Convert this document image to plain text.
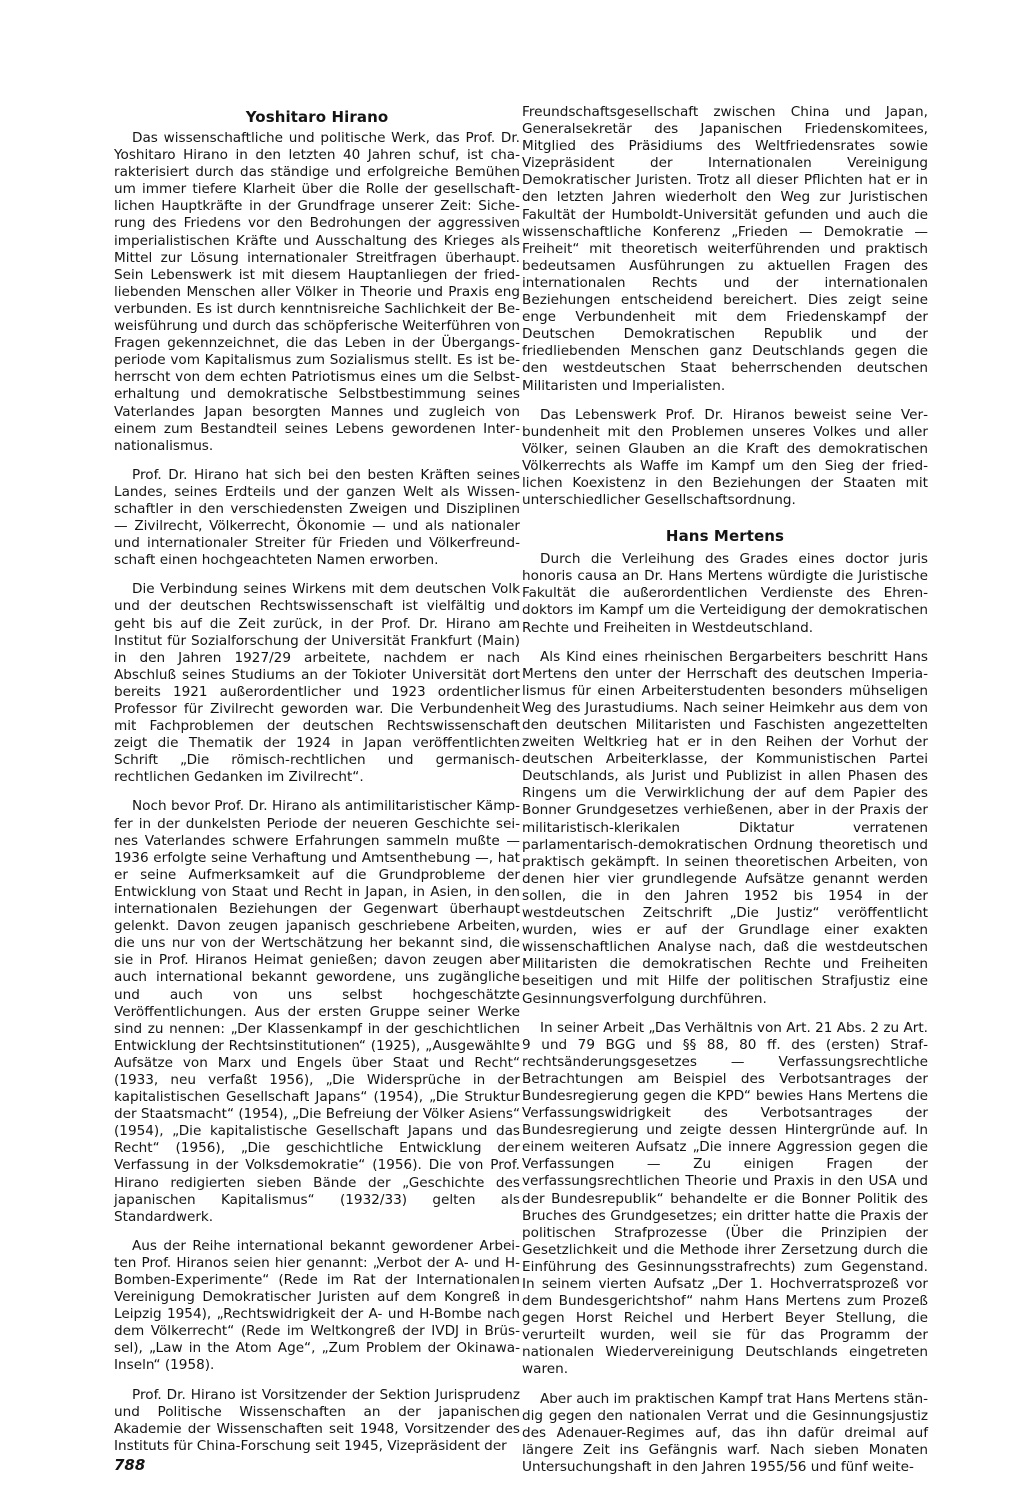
Yoshitaro Hirano

Das wissenschaftliche und politische Werk, das Prof. Dr. Yoshitaro Hirano in den letzten 40 Jahren schuf, ist charakterisiert durch das ständige und erfolgreiche Bemühen um immer tiefere Klarheit über die Rolle der gesellschaftlichen Hauptkräfte in der Grundfrage unserer Zeit: Sicherung des Friedens vor den Bedrohungen der aggressiven imperialistischen Kräfte und Ausschaltung des Krieges als Mittel zur Lösung internationaler Streitfragen überhaupt. Sein Lebenswerk ist mit diesem Hauptanliegen der friedliebenden Menschen aller Völker in Theorie und Praxis eng verbunden. Es ist durch kenntnisreiche Sachlichkeit der Beweisführung und durch das schöpferische Weiterführen von Fragen gekennzeichnet, die das Leben in der Übergangsperiode vom Kapitalismus zum Sozialismus stellt. Es ist beherrscht von dem echten Patriotismus eines um die Selbsterhaltung und demokratische Selbstbestimmung seines Vaterlandes Japan besorgten Mannes und zugleich von einem zum Bestandteil seines Lebens gewordenen Internationalismus.

Prof. Dr. Hirano hat sich bei den besten Kräften seines Landes, seines Erdteils und der ganzen Welt als Wissenschaftler in den verschiedensten Zweigen und Disziplinen — Zivilrecht, Völkerrecht, Ökonomie — und als nationaler und internationaler Streiter für Frieden und Völkerfreundschaft einen hochgeachteten Namen erworben.

Die Verbindung seines Wirkens mit dem deutschen Volk und der deutschen Rechtswissenschaft ist vielfältig und geht bis auf die Zeit zurück, in der Prof. Dr. Hirano am Institut für Sozialforschung der Universität Frankfurt (Main) in den Jahren 1927/29 arbeitete, nachdem er nach Abschluß seines Studiums an der Tokioter Universität dort bereits 1921 außerordentlicher und 1923 ordentlicher Professor für Zivilrecht geworden war. Die Verbundenheit mit Fachproblemen der deutschen Rechtswissenschaft zeigt die Thematik der 1924 in Japan veröffentlichten Schrift „Die römisch-rechtlichen und germanisch-rechtlichen Gedanken im Zivilrecht“.

Noch bevor Prof. Dr. Hirano als antimilitaristischer Kämpfer in der dunkelsten Periode der neueren Geschichte seines Vaterlandes schwere Erfahrungen sammeln mußte — 1936 erfolgte seine Verhaftung und Amtsenthebung —, hat er seine Aufmerksamkeit auf die Grundprobleme der Entwicklung von Staat und Recht in Japan, in Asien, in den internationalen Beziehungen der Gegenwart überhaupt gelenkt. Davon zeugen japanisch geschriebene Arbeiten, die uns nur von der Wertschätzung her bekannt sind, die sie in Prof. Hiranos Heimat genießen; davon zeugen aber auch international bekannt gewordene, uns zugängliche und auch von uns selbst hochgeschätzte Veröffentlichungen. Aus der ersten Gruppe seiner Werke sind zu nennen: „Der Klassenkampf in der geschichtlichen Entwicklung der Rechtsinstitutionen“ (1925), „Ausgewählte Aufsätze von Marx und Engels über Staat und Recht“ (1933, neu verfaßt 1956), „Die Widersprüche in der kapitalistischen Gesellschaft Japans“ (1954), „Die Struktur der Staatsmacht“ (1954), „Die Befreiung der Völker Asiens“ (1954), „Die kapitalistische Gesellschaft Japans und das Recht“ (1956), „Die geschichtliche Entwicklung der Verfassung in der Volksdemokratie“ (1956). Die von Prof. Hirano redigierten sieben Bände der „Geschichte des japanischen Kapitalismus“ (1932/33) gelten als Standardwerk.

Aus der Reihe international bekannt gewordener Arbeiten Prof. Hiranos seien hier genannt: „Verbot der A- und H-Bomben-Experimente“ (Rede im Rat der Internationalen Vereinigung Demokratischer Juristen auf dem Kongreß in Leipzig 1954), „Rechtswidrigkeit der A- und H-Bombe nach dem Völkerrecht“ (Rede im Weltkongreß der IVDJ in Brüssel), „Law in the Atom Age“, „Zum Problem der Okinawa-Inseln“ (1958).

Prof. Dr. Hirano ist Vorsitzender der Sektion Jurisprudenz und Politische Wissenschaften an der japanischen Akademie der Wissenschaften seit 1948, Vorsitzender des Instituts für China-Forschung seit 1945, Vizepräsident der

Freundschaftsgesellschaft zwischen China und Japan, Generalsekretär des Japanischen Friedenskomitees, Mitglied des Präsidiums des Weltfriedensrates sowie Vizepräsident der Internationalen Vereinigung Demokratischer Juristen. Trotz all dieser Pflichten hat er in den letzten Jahren wiederholt den Weg zur Juristischen Fakultät der Humboldt-Universität gefunden und auch die wissenschaftliche Konferenz „Frieden — Demokratie — Freiheit“ mit theoretisch weiterführenden und praktisch bedeutsamen Ausführungen zu aktuellen Fragen des internationalen Rechts und der internationalen Beziehungen entscheidend bereichert. Dies zeigt seine enge Verbundenheit mit dem Friedenskampf der Deutschen Demokratischen Republik und der friedliebenden Menschen ganz Deutschlands gegen die den westdeutschen Staat beherrschenden deutschen Militaristen und Imperialisten.

Das Lebenswerk Prof. Dr. Hiranos beweist seine Verbundenheit mit den Problemen unseres Volkes und aller Völker, seinen Glauben an die Kraft des demokratischen Völkerrechts als Waffe im Kampf um den Sieg der friedlichen Koexistenz in den Beziehungen der Staaten mit unterschiedlicher Gesellschaftsordnung.

Hans Mertens

Durch die Verleihung des Grades eines doctor juris honoris causa an Dr. Hans Mertens würdigte die Juristische Fakultät die außerordentlichen Verdienste des Ehrendoktors im Kampf um die Verteidigung der demokratischen Rechte und Freiheiten in Westdeutschland.

Als Kind eines rheinischen Bergarbeiters beschritt Hans Mertens den unter der Herrschaft des deutschen Imperialismus für einen Arbeiterstudenten besonders mühseligen Weg des Jurastudiums. Nach seiner Heimkehr aus dem von den deutschen Militaristen und Faschisten angezettelten zweiten Weltkrieg hat er in den Reihen der Vorhut der deutschen Arbeiterklasse, der Kommunistischen Partei Deutschlands, als Jurist und Publizist in allen Phasen des Ringens um die Verwirklichung der auf dem Papier des Bonner Grundgesetzes verhießenen, aber in der Praxis der militaristisch-klerikalen Diktatur verratenen parlamentarisch-demokratischen Ordnung theoretisch und praktisch gekämpft. In seinen theoretischen Arbeiten, von denen hier vier grundlegende Aufsätze genannt werden sollen, die in den Jahren 1952 bis 1954 in der westdeutschen Zeitschrift „Die Justiz“ veröffentlicht wurden, wies er auf der Grundlage einer exakten wissenschaftlichen Analyse nach, daß die westdeutschen Militaristen die demokratischen Rechte und Freiheiten beseitigen und mit Hilfe der politischen Strafjustiz eine Gesinnungsverfolgung durchführen.

In seiner Arbeit „Das Verhältnis von Art. 21 Abs. 2 zu Art. 9 und 79 BGG und §§ 88, 80 ff. des (ersten) Strafrechtsänderungsgesetzes — Verfassungsrechtliche Betrachtungen am Beispiel des Verbotsantrages der Bundesregierung gegen die KPD“ bewies Hans Mertens die Verfassungswidrigkeit des Verbotsantrages der Bundesregierung und zeigte dessen Hintergründe auf. In einem weiteren Aufsatz „Die innere Aggression gegen die Verfassungen — Zu einigen Fragen der verfassungsrechtlichen Theorie und Praxis in den USA und der Bundesrepublik“ behandelte er die Bonner Politik des Bruches des Grundgesetzes; ein dritter hatte die Praxis der politischen Strafprozesse (Über die Prinzipien der Gesetzlichkeit und die Methode ihrer Zersetzung durch die Einführung des Gesinnungsstrafrechts) zum Gegenstand. In seinem vierten Aufsatz „Der 1. Hochverratsprozeß vor dem Bundesgerichtshof“ nahm Hans Mertens zum Prozeß gegen Horst Reichel und Herbert Beyer Stellung, die verurteilt wurden, weil sie für das Programm der nationalen Wiedervereinigung Deutschlands eingetreten waren.

Aber auch im praktischen Kampf trat Hans Mertens ständig gegen den nationalen Verrat und die Gesinnungsjustiz des Adenauer-Regimes auf, das ihn dafür dreimal auf längere Zeit ins Gefängnis warf. Nach sieben Monaten Untersuchungshaft in den Jahren 1955/56 und fünf weite-

788
